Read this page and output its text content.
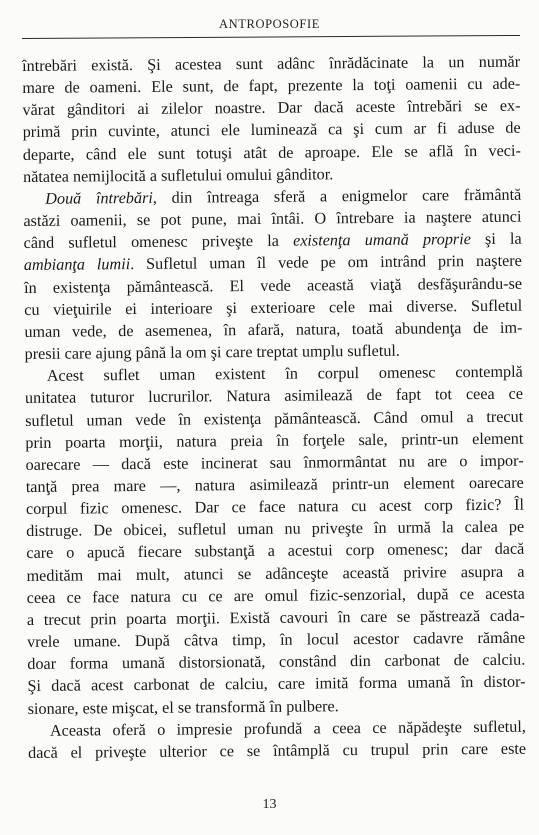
ANTROPOSOFIE
întrebări există. Şi acestea sunt adânc înrădăcinate la un număr
mare de oameni. Ele sunt, de fapt, prezente la toţi oamenii cu ade-
vărat gânditori ai zilelor noastre. Dar dacă aceste întrebări se ex-
primă prin cuvinte, atunci ele luminează ca şi cum ar fi aduse de
departe, când ele sunt totuşi atât de aproape. Ele se află în veci-
nătatea nemijlocită a sufletului omului gânditor.
Două întrebări, din întreaga sferă a enigmelor care frământă
astăzi oamenii, se pot pune, mai întâi. O întrebare ia naştere atunci
când sufletul omenesc priveşte la existenţa umană proprie şi la
ambianţa lumii. Sufletul uman îl vede pe om intrând prin naştere
în existenţa pământească. El vede această viaţă desfăşurându-se
cu vieţuirile ei interioare şi exterioare cele mai diverse. Sufletul
uman vede, de asemenea, în afară, natura, toată abundenţa de im-
presii care ajung până la om şi care treptat umplu sufletul.
Acest suflet uman existent în corpul omenesc contemplă
unitatea tuturor lucrurilor. Natura asimilează de fapt tot ceea ce
sufletul uman vede în existenţa pământească. Când omul a trecut
prin poarta morţii, natura preia în forţele sale, printr-un element
oarecare — dacă este incinerat sau înmormântat nu are o impor-
tanţă prea mare —, natura asimilează printr-un element oarecare
corpul fizic omenesc. Dar ce face natura cu acest corp fizic? Îl
distruge. De obicei, sufletul uman nu priveşte în urmă la calea pe
care o apucă fiecare substanţă a acestui corp omenesc; dar dacă
medităm mai mult, atunci se adânceşte această privire asupra a
ceea ce face natura cu ce are omul fizic-senzorial, după ce acesta
a trecut prin poarta morţii. Există cavouri în care se păstrează cada-
vrele umane. După câtva timp, în locul acestor cadavre rămâne
doar forma umană distorsionată, constând din carbonat de calciu.
Şi dacă acest carbonat de calciu, care imită forma umană în distor-
sionare, este mişcat, el se transformă în pulbere.
Aceasta oferă o impresie profundă a ceea ce năpădeşte sufletul,
dacă el priveşte ulterior ce se întâmplă cu trupul prin care este
13
